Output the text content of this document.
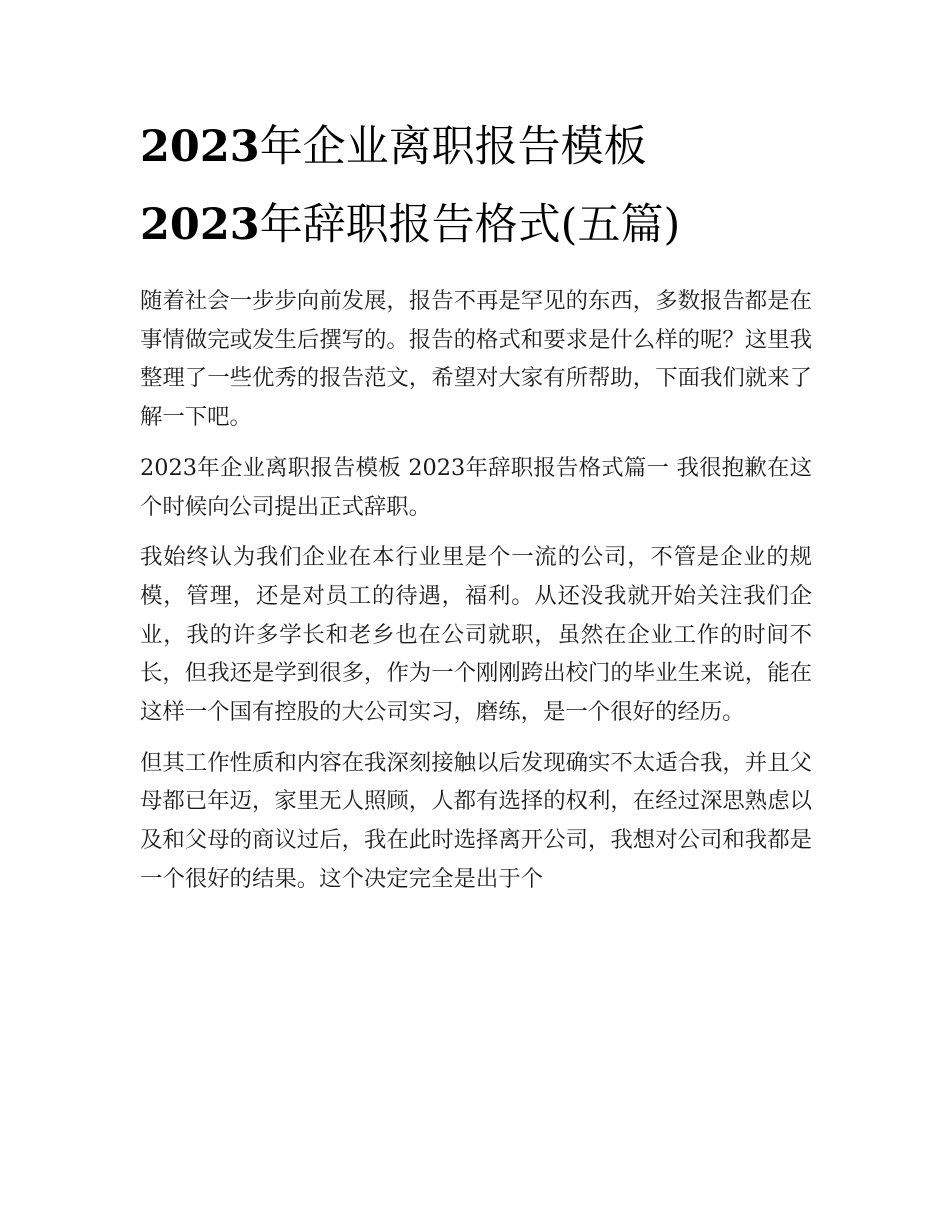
2023年企业离职报告模板
2023年辞职报告格式(五篇)

随着社会一步步向前发展，报告不再是罕见的东西，多数报告都是在事情做完或发生后撰写的。报告的格式和要求是什么样的呢？这里我整理了一些优秀的报告范文，希望对大家有所帮助，下面我们就来了解一下吧。

2023年企业离职报告模板 2023年辞职报告格式篇一 我很抱歉在这个时候向公司提出正式辞职。

我始终认为我们企业在本行业里是个一流的公司，不管是企业的规模，管理，还是对员工的待遇，福利。从还没我就开始关注我们企业，我的许多学长和老乡也在公司就职，虽然在企业工作的时间不长，但我还是学到很多，作为一个刚刚跨出校门的毕业生来说，能在这样一个国有控股的大公司实习，磨练，是一个很好的经历。

但其工作性质和内容在我深刻接触以后发现确实不太适合我，并且父母都已年迈，家里无人照顾，人都有选择的权利，在经过深思熟虑以及和父母的商议过后，我在此时选择离开公司，我想对公司和我都是一个很好的结果。这个决定完全是出于个
